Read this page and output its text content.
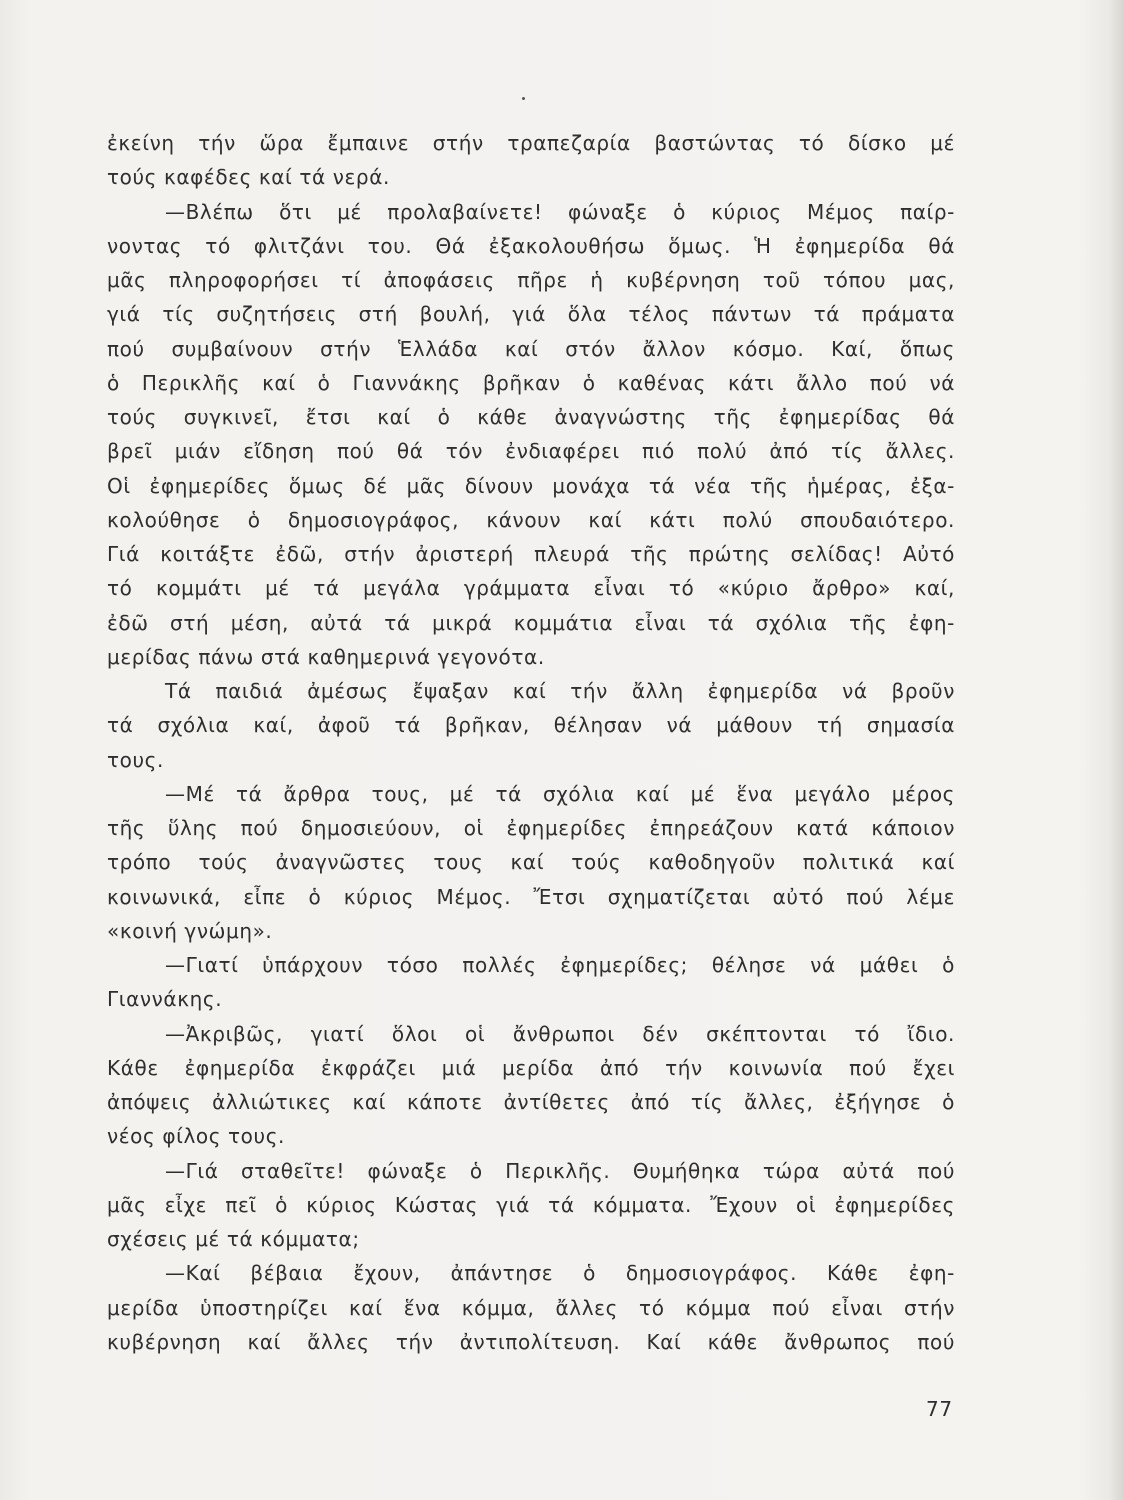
ἐκείνη τήν ὥρα ἔμπαινε στήν τραπεζαρία βαστώντας τό δίσκο μέ
τούς καφέδες καί τά νερά.
—Βλέπω ὅτι μέ προλαβαίνετε! φώναξε ὁ κύριος Μέμος παίρ-
νοντας τό φλιτζάνι του. Θά ἐξακολουθήσω ὅμως. Ἡ ἐφημερίδα θά
μᾶς πληροφορήσει τί ἀποφάσεις πῆρε ἡ κυβέρνηση τοῦ τόπου μας,
γιά τίς συζητήσεις στή βουλή, γιά ὅλα τέλος πάντων τά πράματα
πού συμβαίνουν στήν Ἑλλάδα καί στόν ἄλλον κόσμο. Καί, ὅπως
ὁ Περικλῆς καί ὁ Γιαννάκης βρῆκαν ὁ καθένας κάτι ἄλλο πού νά
τούς συγκινεῖ, ἔτσι καί ὁ κάθε ἀναγνώστης τῆς ἐφημερίδας θά
βρεῖ μιάν εἴδηση πού θά τόν ἐνδιαφέρει πιό πολύ ἀπό τίς ἄλλες.
Οἱ ἐφημερίδες ὅμως δέ μᾶς δίνουν μονάχα τά νέα τῆς ἡμέρας, ἐξα-
κολούθησε ὁ δημοσιογράφος, κάνουν καί κάτι πολύ σπουδαιότερο.
Γιά κοιτάξτε ἐδῶ, στήν ἀριστερή πλευρά τῆς πρώτης σελίδας! Αὐτό
τό κομμάτι μέ τά μεγάλα γράμματα εἶναι τό «κύριο ἄρθρο» καί,
ἐδῶ στή μέση, αὐτά τά μικρά κομμάτια εἶναι τά σχόλια τῆς ἐφη-
μερίδας πάνω στά καθημερινά γεγονότα.
Τά παιδιά ἀμέσως ἔψαξαν καί τήν ἄλλη ἐφημερίδα νά βροῦν
τά σχόλια καί, ἀφοῦ τά βρῆκαν, θέλησαν νά μάθουν τή σημασία
τους.
—Μέ τά ἄρθρα τους, μέ τά σχόλια καί μέ ἕνα μεγάλο μέρος
τῆς ὕλης πού δημοσιεύουν, οἱ ἐφημερίδες ἐπηρεάζουν κατά κάποιον
τρόπο τούς ἀναγνῶστες τους καί τούς καθοδηγοῦν πολιτικά καί
κοινωνικά, εἶπε ὁ κύριος Μέμος. Ἔτσι σχηματίζεται αὐτό πού λέμε
«κοινή γνώμη».
—Γιατί ὑπάρχουν τόσο πολλές ἐφημερίδες; θέλησε νά μάθει ὁ
Γιαννάκης.
—Ἀκριβῶς, γιατί ὅλοι οἱ ἄνθρωποι δέν σκέπτονται τό ἴδιο.
Κάθε ἐφημερίδα ἐκφράζει μιά μερίδα ἀπό τήν κοινωνία πού ἔχει
ἀπόψεις ἀλλιώτικες καί κάποτε ἀντίθετες ἀπό τίς ἄλλες, ἐξήγησε ὁ
νέος φίλος τους.
—Γιά σταθεῖτε! φώναξε ὁ Περικλῆς. Θυμήθηκα τώρα αὐτά πού
μᾶς εἶχε πεῖ ὁ κύριος Κώστας γιά τά κόμματα. Ἔχουν οἱ ἐφημερίδες
σχέσεις μέ τά κόμματα;
—Καί βέβαια ἔχουν, ἀπάντησε ὁ δημοσιογράφος. Κάθε ἐφη-
μερίδα ὑποστηρίζει καί ἕνα κόμμα, ἄλλες τό κόμμα πού εἶναι στήν
κυβέρνηση καί ἄλλες τήν ἀντιπολίτευση. Καί κάθε ἄνθρωπος πού
77
